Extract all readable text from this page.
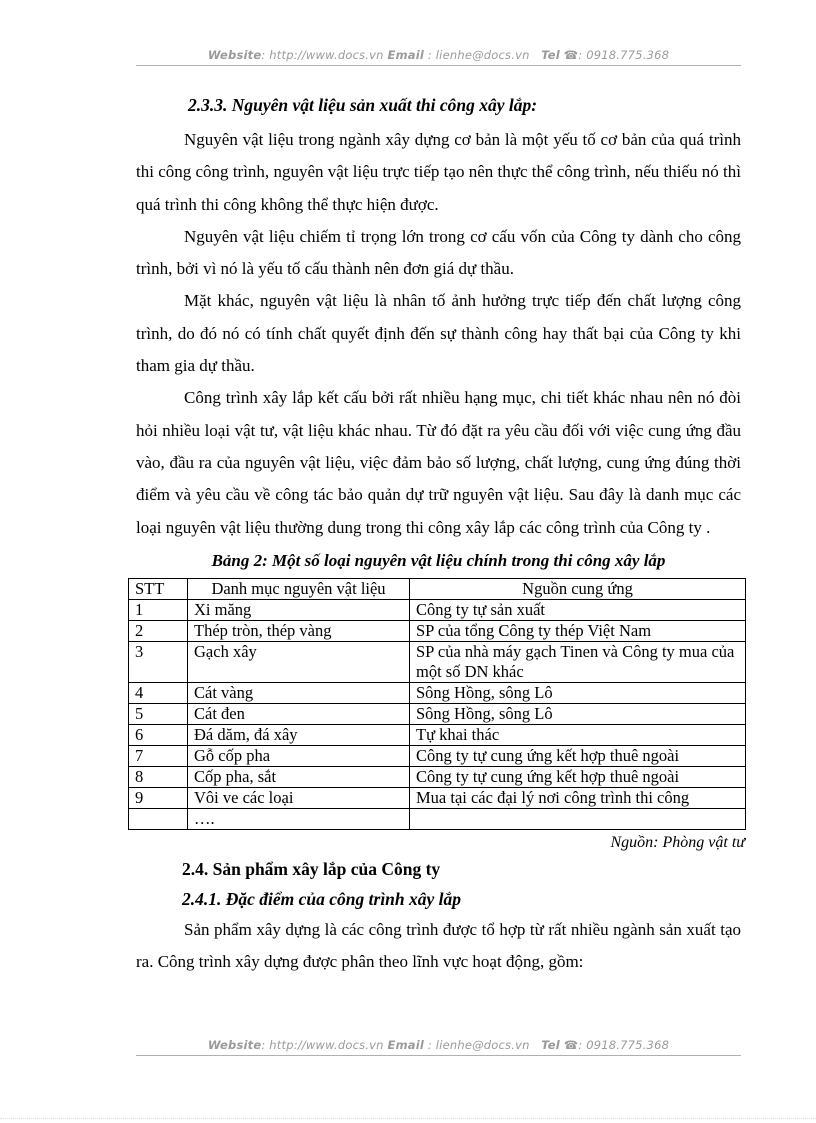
Website: http://www.docs.vn Email : lienhe@docs.vn Tel ☎: 0918.775.368
2.3.3. Nguyên vật liệu sản xuất thi công xây lắp:

Nguyên vật liệu trong ngành xây dựng cơ bản là một yếu tố cơ bản của quá trình thi công công trình, nguyên vật liệu trực tiếp tạo nên thực thể công trình, nếu thiếu nó thì quá trình thi công không thể thực hiện được.

Nguyên vật liệu chiếm tỉ trọng lớn trong cơ cấu vốn của Công ty dành cho công trình, bởi vì nó là yếu tố cấu thành nên đơn giá dự thầu.

Mặt khác, nguyên vật liệu là nhân tố ảnh hưởng trực tiếp đến chất lượng công trình, do đó nó có tính chất quyết định đến sự thành công hay thất bại của Công ty khi tham gia dự thầu.

Công trình xây lắp kết cấu bởi rất nhiều hạng mục, chi tiết khác nhau nên nó đòi hỏi nhiều loại vật tư, vật liệu khác nhau. Từ đó đặt ra yêu cầu đối với việc cung ứng đầu vào, đầu ra của nguyên vật liệu, việc đảm bảo số lượng, chất lượng, cung ứng đúng thời điểm và yêu cầu về công tác bảo quản dự trữ nguyên vật liệu. Sau đây là danh mục các loại nguyên vật liệu thường dung trong thi công xây lắp các công trình của Công ty .

Bảng 2: Một số loại nguyên vật liệu chính trong thi công xây lắp
STT	Danh mục nguyên vật liệu	Nguồn cung ứng
1	Xi măng	Công ty tự sản xuất
2	Thép tròn, thép vàng	SP của tổng Công ty thép Việt Nam
3	Gạch xây	SP của nhà máy gạch Tinen và Công ty mua của một số DN khác
4	Cát vàng	Sông Hồng, sông Lô
5	Cát đen	Sông Hồng, sông Lô
6	Đá dăm, đá xây	Tự khai thác
7	Gỗ cốp pha	Công ty tự cung ứng kết hợp thuê ngoài
8	Cốp pha, sắt	Công ty tự cung ứng kết hợp thuê ngoài
9	Vôi ve các loại	Mua tại các đại lý nơi công trình thi công
	….	
Nguồn: Phòng vật tư
2.4. Sản phẩm xây lắp của Công ty
2.4.1. Đặc điểm của công trình xây lắp

Sản phẩm xây dựng là các công trình được tổ hợp từ rất nhiều ngành sản xuất tạo ra. Công trình xây dựng được phân theo lĩnh vực hoạt động, gồm:

Website: http://www.docs.vn Email : lienhe@docs.vn Tel ☎: 0918.775.368
